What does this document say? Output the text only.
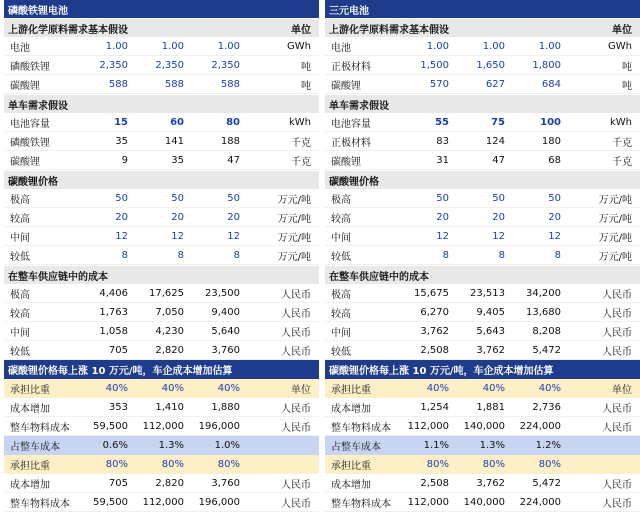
磷酸铁锂电池
上游化学原料需求基本假设	单位
电池	1.00	1.00	1.00	GWh
磷酸铁锂	2,350	2,350	2,350	吨
碳酸锂	588	588	588	吨
单车需求假设
电池容量	15	60	80	kWh
磷酸铁锂	35	141	188	千克
碳酸锂	9	35	47	千克
碳酸锂价格
极高	50	50	50	万元/吨
较高	20	20	20	万元/吨
中间	12	12	12	万元/吨
较低	8	8	8	万元/吨
在整车供应链中的成本
极高	4,406	17,625	23,500	人民币
较高	1,763	7,050	9,400	人民币
中间	1,058	4,230	5,640	人民币
较低	705	2,820	3,760	人民币
碳酸锂价格每上涨 10 万元/吨，车企成本增加估算
承担比重	40%	40%	40%	单位
成本增加	353	1,410	1,880	人民币
整车物料成本	59,500	112,000	196,000	人民币
占整车成本	0.6%	1.3%	1.0%
承担比重	80%	80%	80%
成本增加	705	2,820	3,760	人民币
整车物料成本	59,500	112,000	196,000	人民币
三元电池
上游化学原料需求基本假设	单位
电池	1.00	1.00	1.00	GWh
正极材料	1,500	1,650	1,800	吨
碳酸锂	570	627	684	吨
单车需求假设
电池容量	55	75	100	kWh
正极材料	83	124	180	千克
碳酸锂	31	47	68	千克
碳酸锂价格
极高	50	50	50	万元/吨
较高	20	20	20	万元/吨
中间	12	12	12	万元/吨
较低	8	8	8	万元/吨
在整车供应链中的成本
极高	15,675	23,513	34,200	人民币
较高	6,270	9,405	13,680	人民币
中间	3,762	5,643	8,208	人民币
较低	2,508	3,762	5,472	人民币
碳酸锂价格每上涨 10 万元/吨，车企成本增加估算
承担比重	40%	40%	40%	单位
成本增加	1,254	1,881	2,736	人民币
整车物料成本	112,000	140,000	224,000	人民币
占整车成本	1.1%	1.3%	1.2%
承担比重	80%	80%	80%
成本增加	2,508	3,762	5,472	人民币
整车物料成本	112,000	140,000	224,000	人民币
